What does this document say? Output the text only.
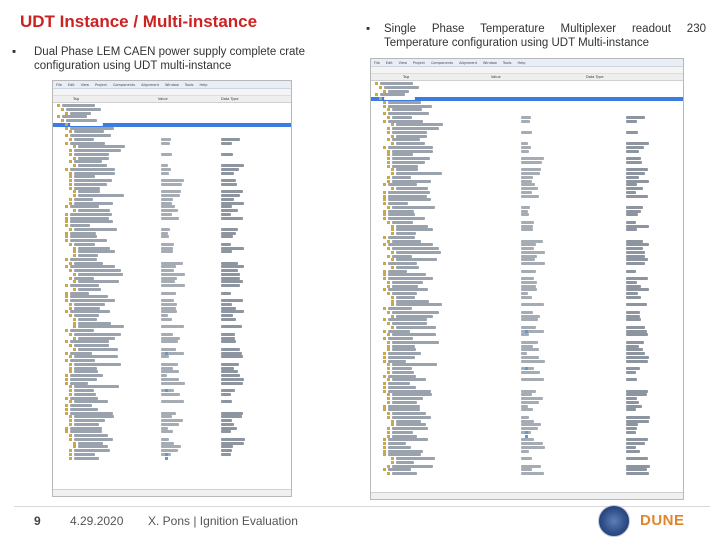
UDT Instance / Multi-instance
▪ Dual Phase LEM CAEN power supply complete crate configuration using UDT multi-instance
▪ Single Phase Temperature Multiplexer readout 230 Temperature configuration using UDT Multi-instance
File Edit View Project Components Alignment Window Tools Help
Tag	Value	Data Type
File Edit View Project Components Alignment Window Tools Help
Tag	Value	Data Type
9 4.29.2020 X. Pons | Ignition Evaluation	DUNE
